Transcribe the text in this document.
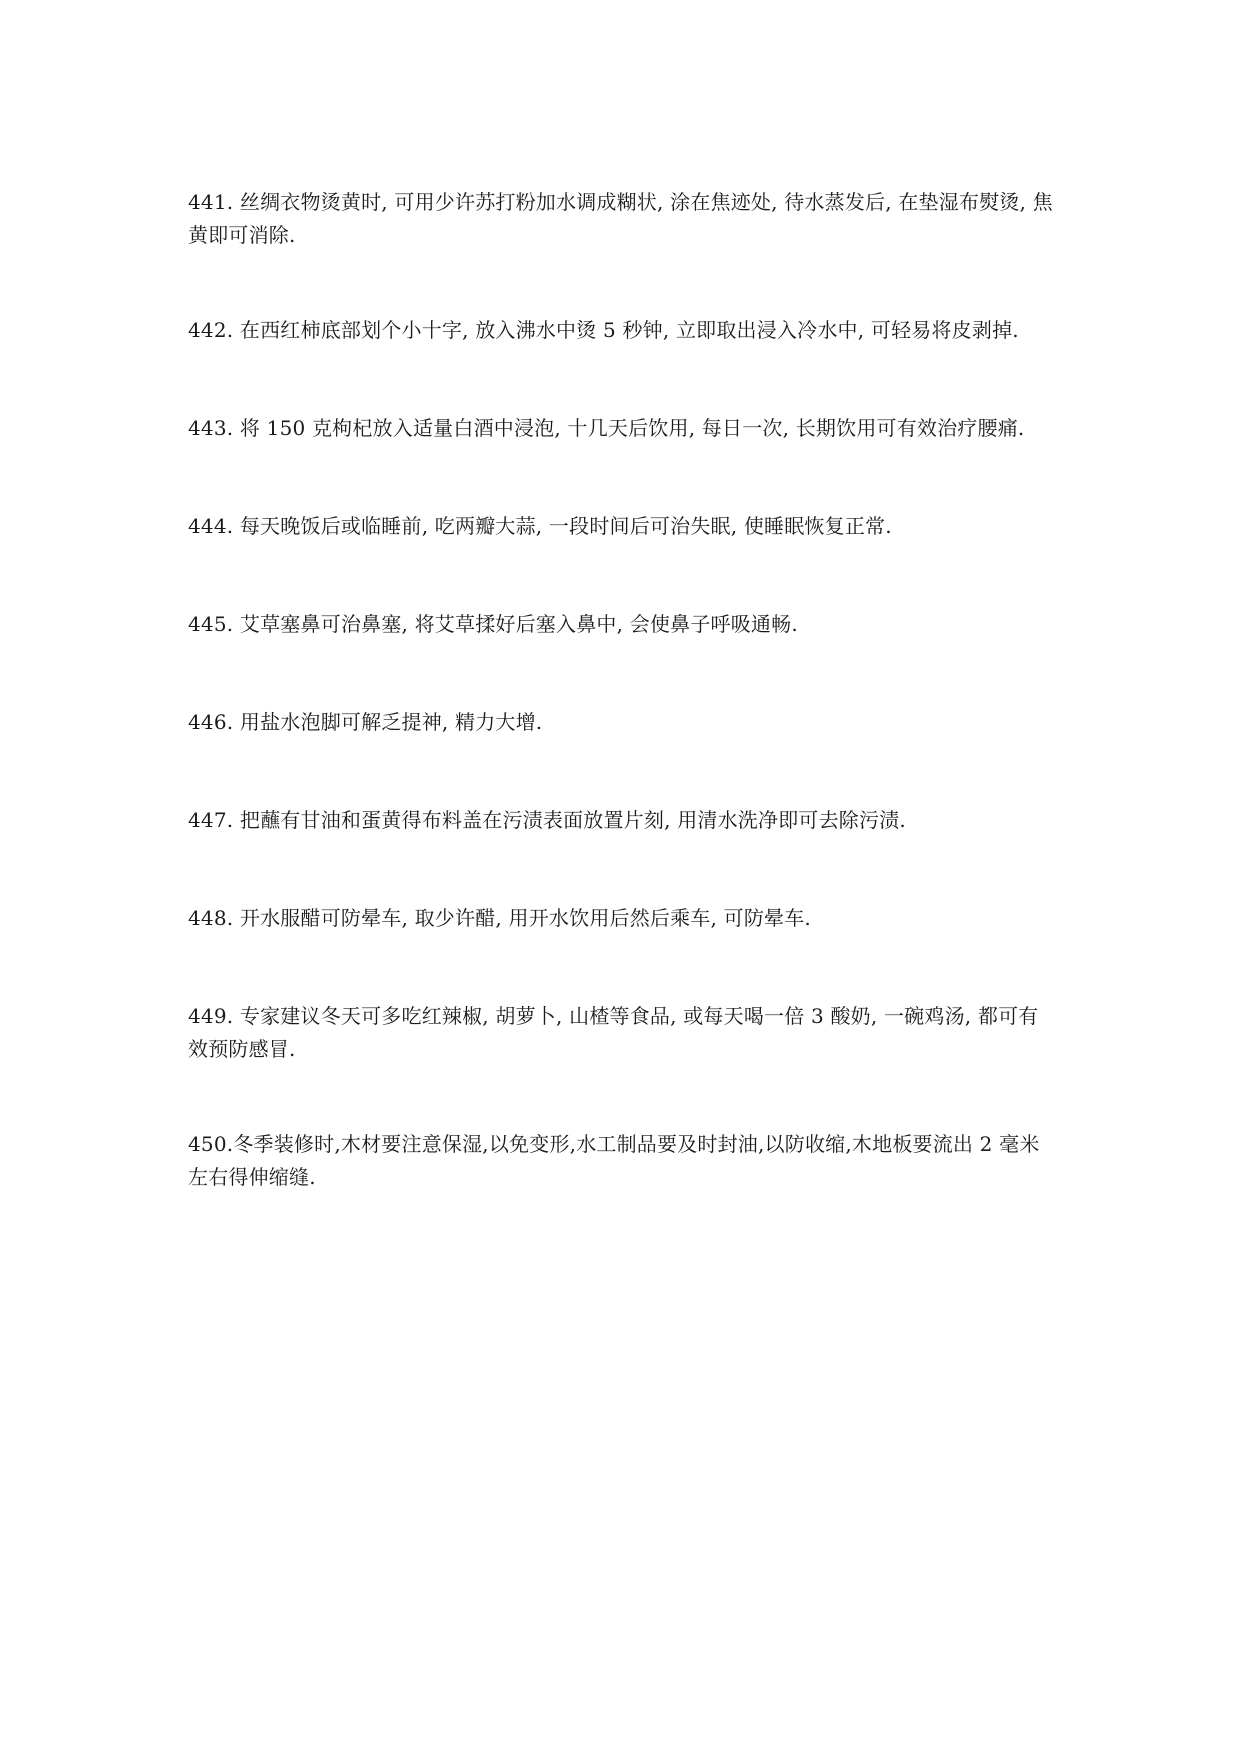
441. 丝绸衣物烫黄时, 可用少许苏打粉加水调成糊状, 涂在焦迹处, 待水蒸发后, 在垫湿布熨烫, 焦黄即可消除.

442. 在西红柿底部划个小十字, 放入沸水中烫 5 秒钟, 立即取出浸入冷水中, 可轻易将皮剥掉.

443. 将 150 克枸杞放入适量白酒中浸泡, 十几天后饮用, 每日一次, 长期饮用可有效治疗腰痛.

444. 每天晚饭后或临睡前, 吃两瓣大蒜, 一段时间后可治失眠, 使睡眠恢复正常.

445. 艾草塞鼻可治鼻塞, 将艾草揉好后塞入鼻中, 会使鼻子呼吸通畅.

446. 用盐水泡脚可解乏提神, 精力大增.

447. 把蘸有甘油和蛋黄得布料盖在污渍表面放置片刻, 用清水洗净即可去除污渍.

448. 开水服醋可防晕车, 取少许醋, 用开水饮用后然后乘车, 可防晕车.

449. 专家建议冬天可多吃红辣椒, 胡萝卜, 山楂等食品, 或每天喝一倍 3 酸奶, 一碗鸡汤, 都可有效预防感冒.

450.冬季装修时,木材要注意保湿,以免变形,水工制品要及时封油,以防收缩,木地板要流出 2 毫米左右得伸缩缝.
